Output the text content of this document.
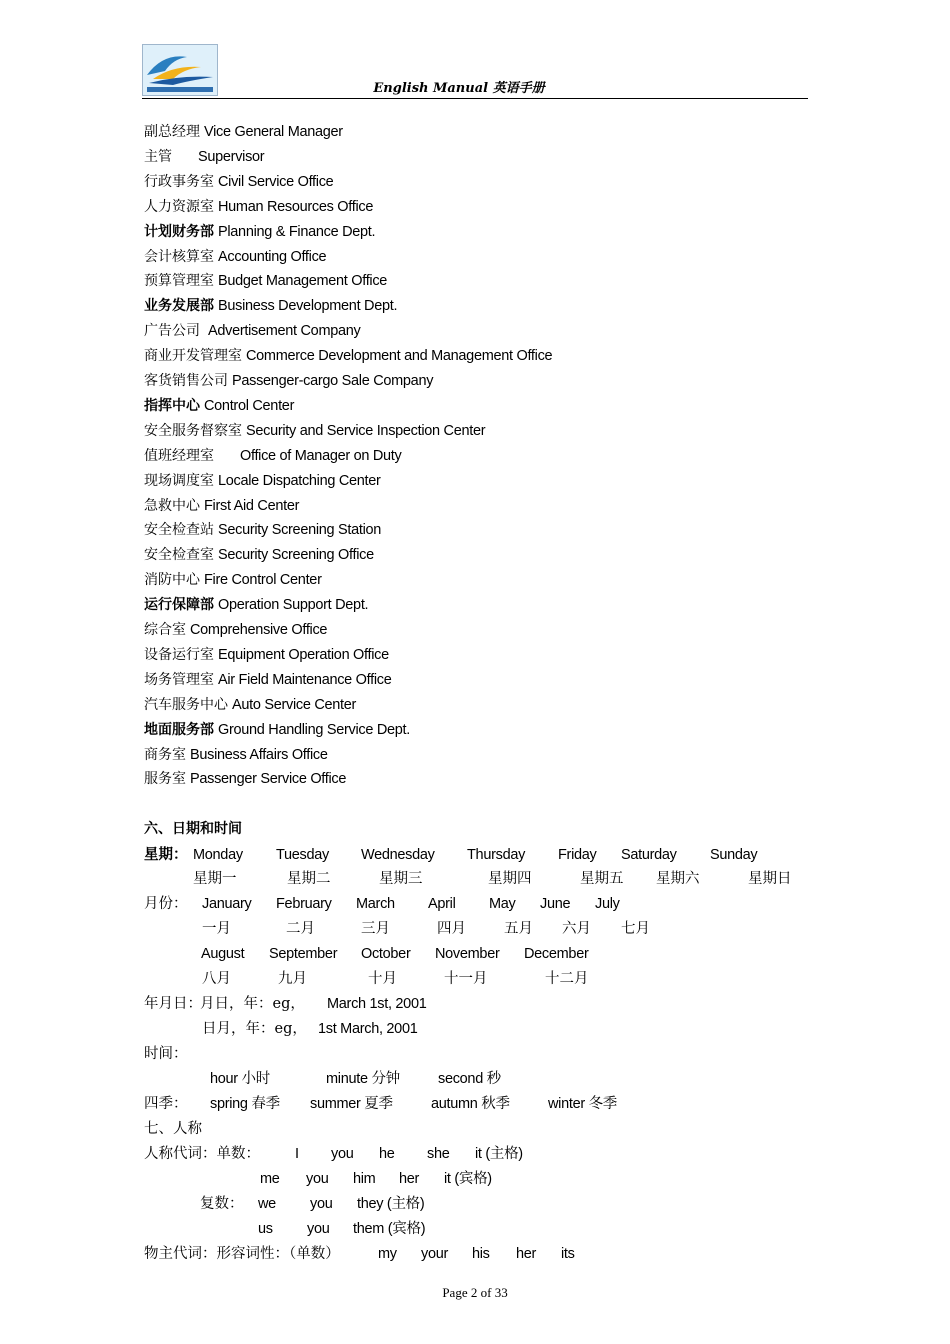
English Manual 英语手册
副总经理 Vice General Manager
主管 Supervisor
行政事务室 Civil Service Office
人力资源室 Human Resources Office
计划财务部 Planning & Finance Dept.
会计核算室 Accounting Office
预算管理室 Budget Management Office
业务发展部 Business Development Dept.
广告公司 Advertisement Company
商业开发管理室 Commerce Development and Management Office
客货销售公司 Passenger-cargo Sale Company
指挥中心 Control Center
安全服务督察室 Security and Service Inspection Center
值班经理室 Office of Manager on Duty
现场调度室 Locale Dispatching Center
急救中心 First Aid Center
安全检查站 Security Screening Station
安全检查室 Security Screening Office
消防中心 Fire Control Center
运行保障部 Operation Support Dept.
综合室 Comprehensive Office
设备运行室 Equipment Operation Office
场务管理室 Air Field Maintenance Office
汽车服务中心 Auto Service Center
地面服务部 Ground Handling Service Dept.
商务室 Business Affairs Office
服务室 Passenger Service Office
六、日期和时间
星期： Monday Tuesday Wednesday Thursday Friday Saturday Sunday
星期一	星期二	星期三	星期四	星期五 星期六	星期日
月份： January February March April May June July
一月	二月	三月	四月	五月 六月 七月
August September October November December
八月	九月	十月	十一月	十二月
年月日：
月日，年：eg， March 1st, 2001
日月，年：eg， 1st March, 2001
时间：
hour 小时	minute 分钟	second 秒
四季： spring 春季 summer 夏季	autumn 秋季	winter 冬季
七、人称
人称代词：单数： I you he she it (主格)
me you him her it (宾格)
复数： we you they (主格)
us you them (宾格)
物主代词：形容词性：（单数）	my your his her its
Page 2 of 33
